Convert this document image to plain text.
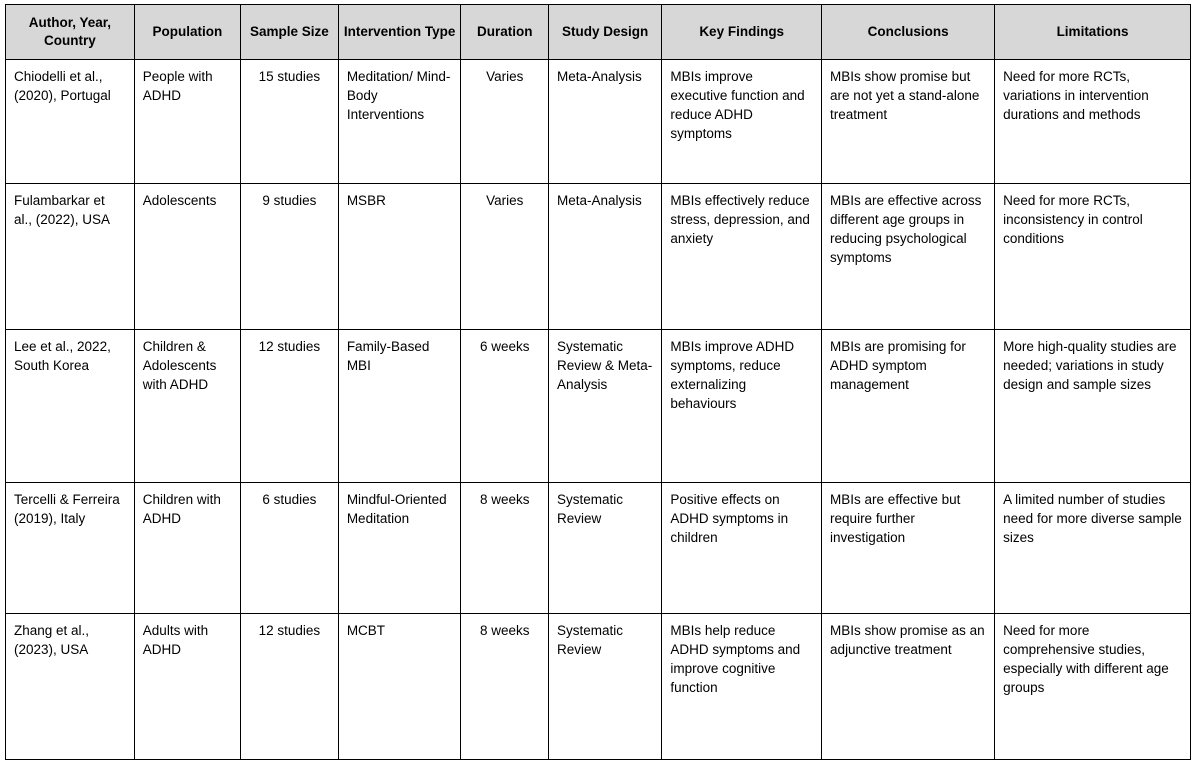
Author, Year, Country	Population	Sample Size	Intervention Type	Duration	Study Design	Key Findings	Conclusions	Limitations
Chiodelli et al., (2020), Portugal	People with ADHD	15 studies	Meditation/ Mind-Body Interventions	Varies	Meta-Analysis	MBIs improve executive function and reduce ADHD symptoms	MBIs show promise but are not yet a stand-alone treatment	Need for more RCTs, variations in intervention durations and methods
Fulambarkar et al., (2022), USA	Adolescents	9 studies	MSBR	Varies	Meta-Analysis	MBIs effectively reduce stress, depression, and anxiety	MBIs are effective across different age groups in reducing psychological symptoms	Need for more RCTs, inconsistency in control conditions
Lee et al., 2022, South Korea	Children & Adolescents with ADHD	12 studies	Family-Based MBI	6 weeks	Systematic Review & Meta-Analysis	MBIs improve ADHD symptoms, reduce externalizing behaviours	MBIs are promising for ADHD symptom management	More high-quality studies are needed; variations in study design and sample sizes
Tercelli & Ferreira (2019), Italy	Children with ADHD	6 studies	Mindful-Oriented Meditation	8 weeks	Systematic Review	Positive effects on ADHD symptoms in children	MBIs are effective but require further investigation	A limited number of studies need for more diverse sample sizes
Zhang et al., (2023), USA	Adults with ADHD	12 studies	MCBT	8 weeks	Systematic Review	MBIs help reduce ADHD symptoms and improve cognitive function	MBIs show promise as an adjunctive treatment	Need for more comprehensive studies, especially with different age groups
